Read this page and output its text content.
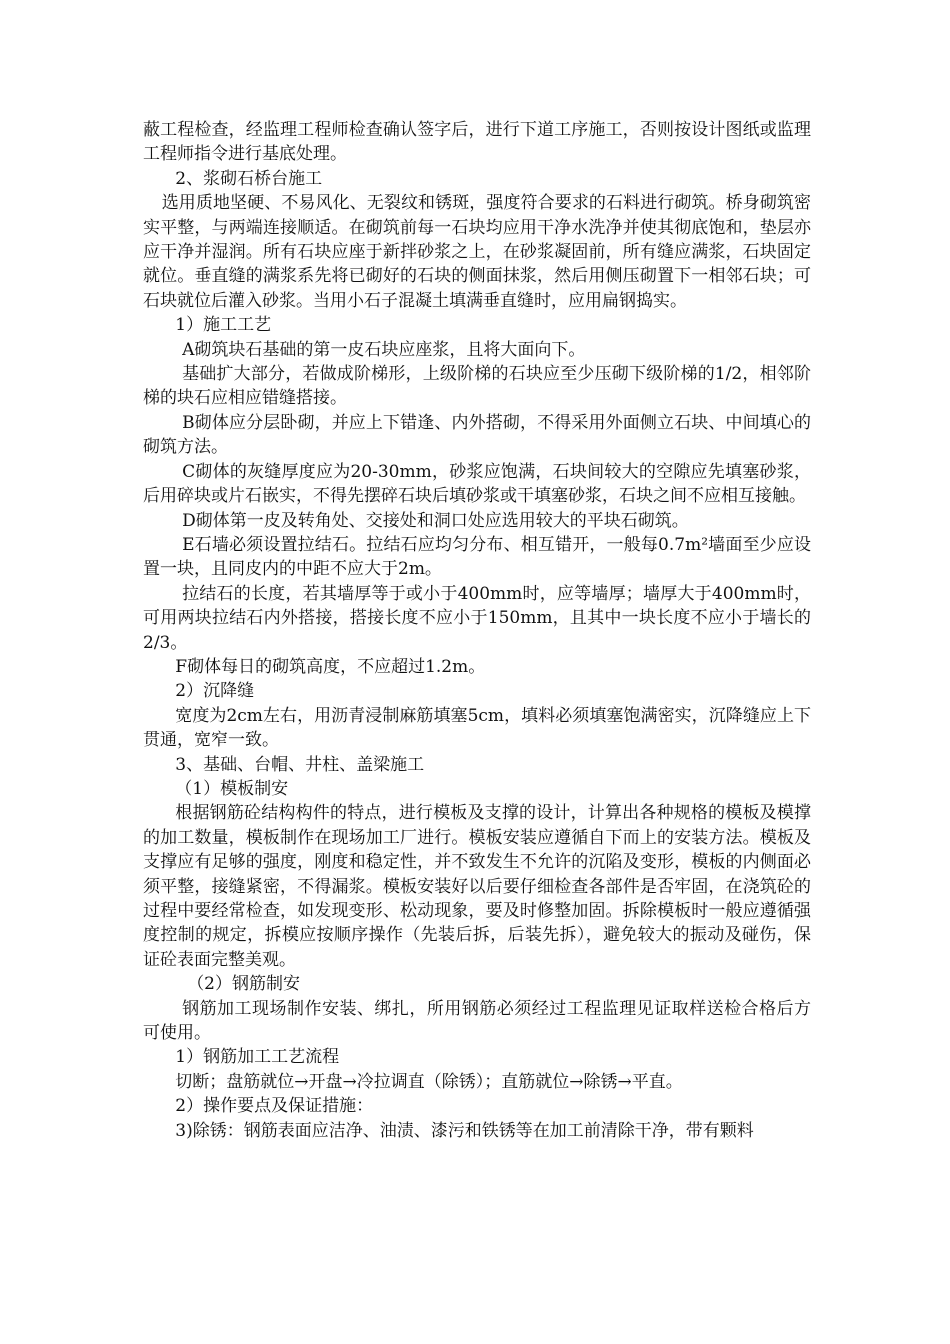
蔽工程检查，经监理工程师检查确认签字后，进行下道工序施工，否则按设计图纸或监理工程师指令进行基底处理。

2、浆砌石桥台施工

选用质地坚硬、不易风化、无裂纹和锈斑，强度符合要求的石料进行砌筑。桥身砌筑密实平整，与两端连接顺适。在砌筑前每一石块均应用干净水洗净并使其彻底饱和，垫层亦应干净并湿润。所有石块应座于新拌砂浆之上，在砂浆凝固前，所有缝应满浆，石块固定就位。垂直缝的满浆系先将已砌好的石块的侧面抹浆，然后用侧压砌置下一相邻石块；可石块就位后灌入砂浆。当用小石子混凝土填满垂直缝时，应用扁钢捣实。

1）施工工艺

A砌筑块石基础的第一皮石块应座浆，且将大面向下。

基础扩大部分，若做成阶梯形，上级阶梯的石块应至少压砌下级阶梯的1/2，相邻阶梯的块石应相应错缝搭接。

B砌体应分层卧砌，并应上下错逢、内外搭砌，不得采用外面侧立石块、中间填心的砌筑方法。

C砌体的灰缝厚度应为20-30mm，砂浆应饱满，石块间较大的空隙应先填塞砂浆，后用碎块或片石嵌实，不得先摆碎石块后填砂浆或干填塞砂浆，石块之间不应相互接触。

D砌体第一皮及转角处、交接处和洞口处应选用较大的平块石砌筑。

E石墙必须设置拉结石。拉结石应均匀分布、相互错开，一般每0.7m²墙面至少应设置一块，且同皮内的中距不应大于2m。

拉结石的长度，若其墙厚等于或小于400mm时，应等墙厚；墙厚大于400mm时，可用两块拉结石内外搭接，搭接长度不应小于150mm，且其中一块长度不应小于墙长的2/3。

F砌体每日的砌筑高度，不应超过1.2m。

2）沉降缝

宽度为2cm左右，用沥青浸制麻筋填塞5cm，填料必须填塞饱满密实，沉降缝应上下贯通，宽窄一致。

3、基础、台帽、井柱、盖梁施工

（1）模板制安

根据钢筋砼结构构件的特点，进行模板及支撑的设计，计算出各种规格的模板及模撑的加工数量，模板制作在现场加工厂进行。模板安装应遵循自下而上的安装方法。模板及支撑应有足够的强度，刚度和稳定性，并不致发生不允许的沉陷及变形，模板的内侧面必须平整，接缝紧密，不得漏浆。模板安装好以后要仔细检查各部件是否牢固，在浇筑砼的过程中要经常检查，如发现变形、松动现象，要及时修整加固。拆除模板时一般应遵循强度控制的规定，拆模应按顺序操作（先装后拆，后装先拆），避免较大的振动及碰伤，保证砼表面完整美观。

（2）钢筋制安

钢筋加工现场制作安装、绑扎，所用钢筋必须经过工程监理见证取样送检合格后方可使用。

1）钢筋加工工艺流程

切断；盘筋就位→开盘→冷拉调直（除锈）；直筋就位→除锈→平直。

2）操作要点及保证措施：

3)除锈：钢筋表面应洁净、油渍、漆污和铁锈等在加工前清除干净，带有颗料
